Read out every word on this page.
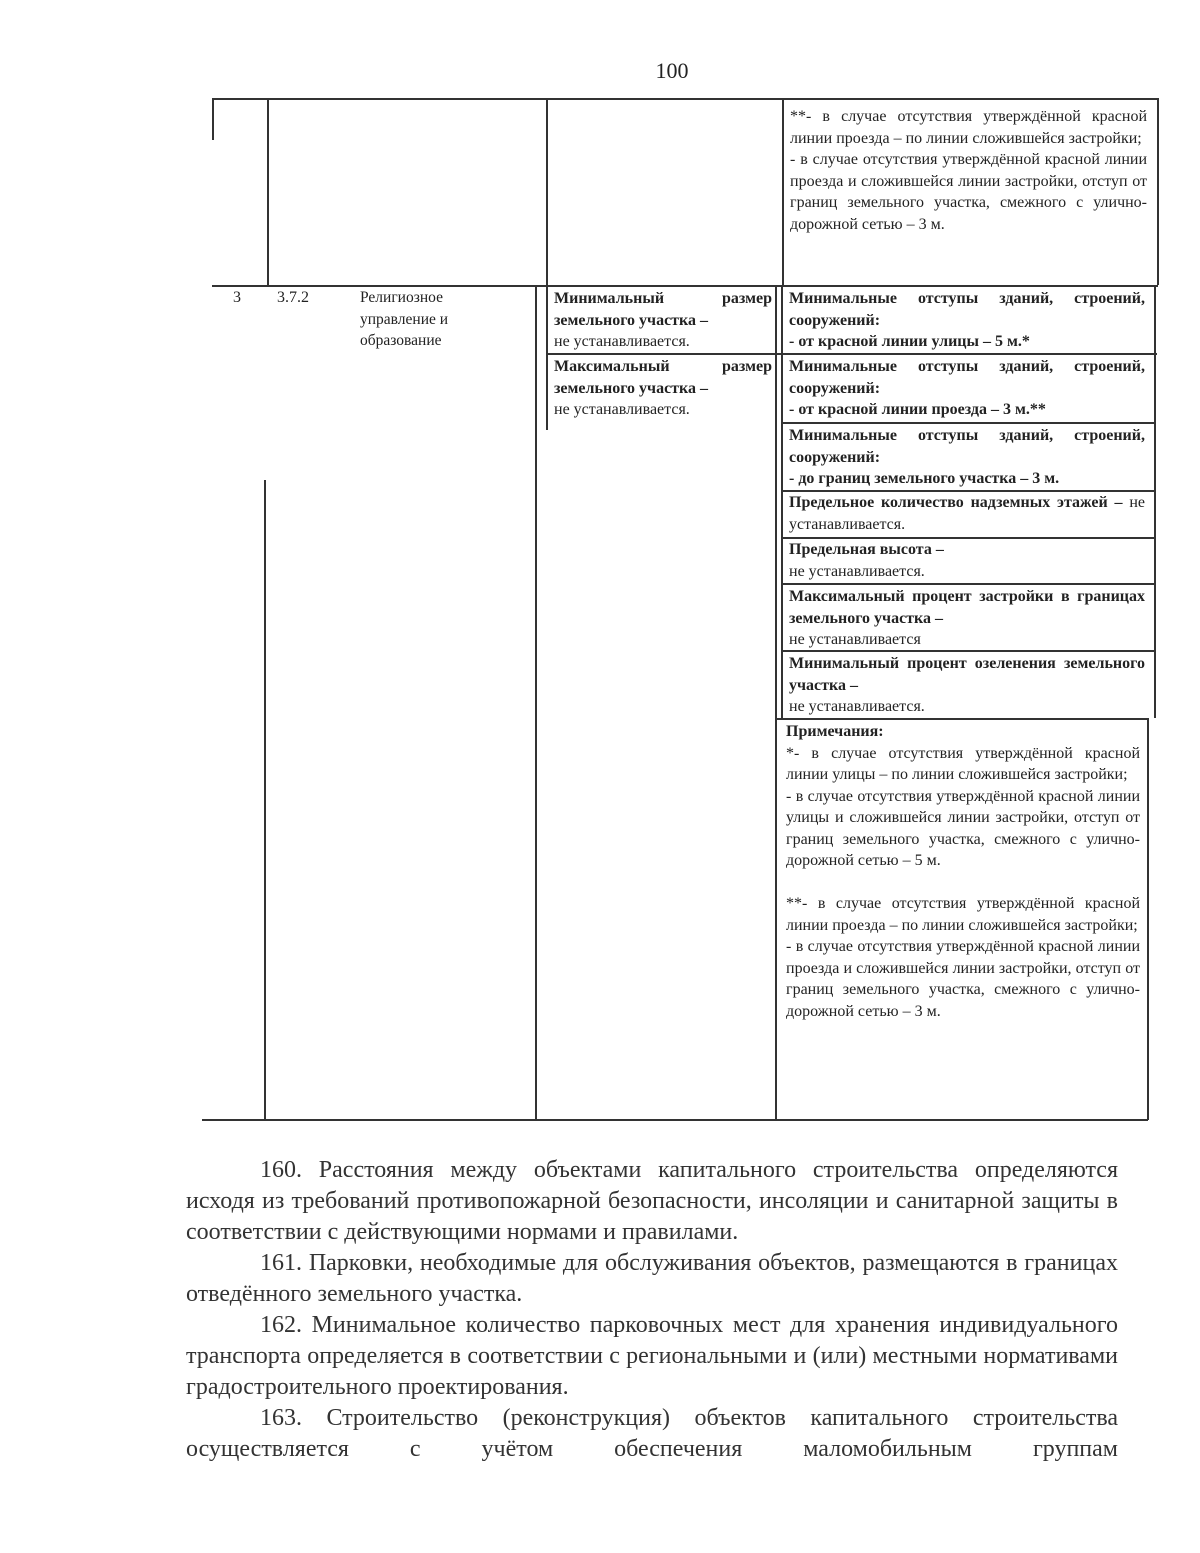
100

**- в случае отсутствия утверждённой красной линии проезда – по линии сложившейся застройки;

- в случае отсутствия утверждённой красной линии проезда и сложившейся линии застройки, отступ от границ земельного участка, смежного с улично-дорожной сетью – 3 м.

3 3.7.2	Религиозное управление и образование

Минимальный размер земельного участка –

не устанавливается.

Максимальный размер земельного участка –

не устанавливается.

Минимальные отступы зданий, строений, сооружений:

- от красной линии улицы – 5 м.*

Минимальные отступы зданий, строений, сооружений:

- от красной линии проезда – 3 м.**

Минимальные отступы зданий, строений, сооружений:

- до границ земельного участка – 3 м.

Предельное количество надземных этажей – не устанавливается.

Предельная высота –

не устанавливается.

Максимальный процент застройки в границах земельного участка –

не устанавливается

Минимальный процент озеленения земельного участка –

не устанавливается.

Примечания:

*- в случае отсутствия утверждённой красной линии улицы – по линии сложившейся застройки;

- в случае отсутствия утверждённой красной линии улицы и сложившейся линии застройки, отступ от границ земельного участка, смежного с улично-дорожной сетью – 5 м.

**- в случае отсутствия утверждённой красной линии проезда – по линии сложившейся застройки;

- в случае отсутствия утверждённой красной линии проезда и сложившейся линии застройки, отступ от границ земельного участка, смежного с улично-дорожной сетью – 3 м.

160. Расстояния между объектами капитального строительства определяются исходя из требований противопожарной безопасности, инсоляции и санитарной защиты в соответствии с действующими нормами и правилами.

161. Парковки, необходимые для обслуживания объектов, размещаются в границах отведённого земельного участка.

162. Минимальное количество парковочных мест для хранения индивидуального транспорта определяется в соответствии с региональными и (или) местными нормативами градостроительного проектирования.

163. Строительство (реконструкция) объектов капитального строительства осуществляется с учётом обеспечения маломобильным группам
